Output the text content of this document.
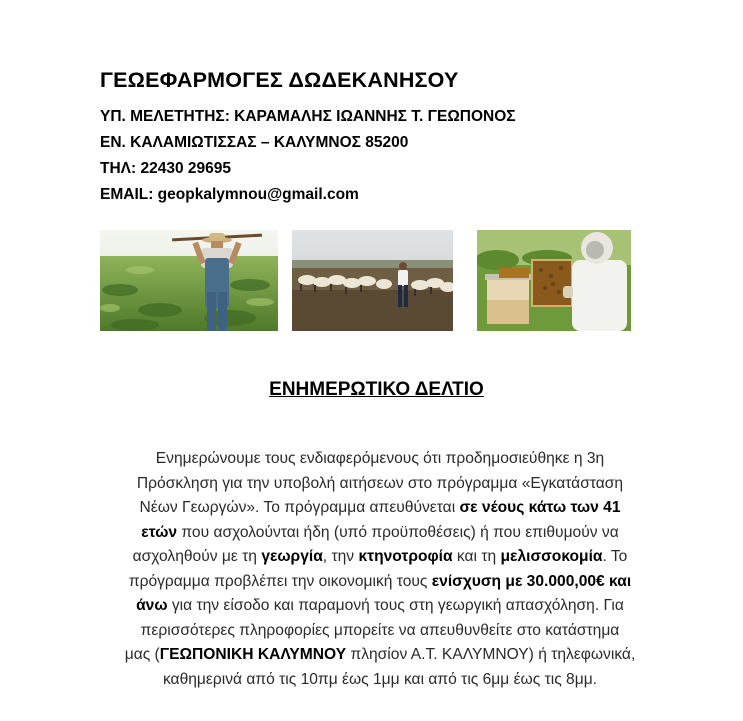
ΓΕΩΕΦΑΡΜΟΓΕΣ ΔΩΔΕΚΑΝΗΣΟΥ
ΥΠ. ΜΕΛΕΤΗΤΗΣ: ΚΑΡΑΜΑΛΗΣ ΙΩΑΝΝΗΣ Τ. ΓΕΩΠΟΝΟΣ
ΕΝ. ΚΑΛΑΜΙΩΤΙΣΣΑΣ – ΚΑΛΥΜΝΟΣ 85200
ΤΗΛ: 22430 29695
EMAIL: geopkalymnou@gmail.com
ΕΝΗΜΕΡΩΤΙΚΟ ΔΕΛΤΙΟ

Ενημερώνουμε τους ενδιαφερόμενους ότι προδημοσιεύθηκε η 3η

Πρόσκληση για την υποβολή αιτήσεων στο πρόγραμμα «Εγκατάσταση

Νέων Γεωργών». Το πρόγραμμα απευθύνεται σε νέους κάτω των 41

ετών που ασχολούνται ήδη (υπό προϋποθέσεις) ή που επιθυμούν να

ασχοληθούν με τη γεωργία, την κτηνοτροφία και τη μελισσοκομία. Το

πρόγραμμα προβλέπει την οικονομική τους ενίσχυση με 30.000,00€ και

άνω για την είσοδο και παραμονή τους στη γεωργική απασχόληση. Για

περισσότερες πληροφορίες μπορείτε να απευθυνθείτε στο κατάστημα

μας (ΓΕΩΠΟΝΙΚΗ ΚΑΛΥΜΝΟΥ πλησίον Α.Τ. ΚΑΛΥΜΝΟΥ) ή τηλεφωνικά,

καθημερινά από τις 10πμ έως 1μμ και από τις 6μμ έως τις 8μμ.
